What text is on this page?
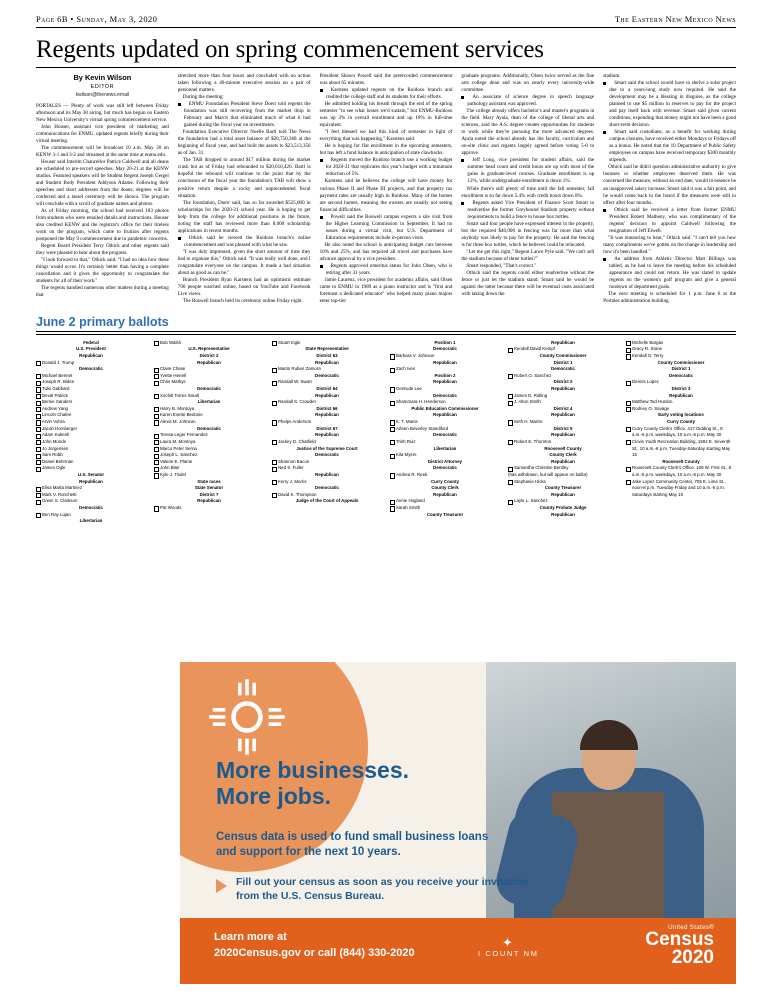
Page 6B • Sunday, May 3, 2020	The Eastern New Mexico News
Regents updated on spring commencement services
By Kevin Wilson
EDITOR
kwilson@thenews.email

PORTALES — Plenty of work was still left between Friday afternoon and its May 30 airing, but much has begun on Eastern New Mexico University's virtual spring commencement service.

John Houser, assistant vice president of marketing and communications for ENMU, updated regents briefly during their virtual meeting.

The commencement will be broadcast 10 a.m. May 30 on KENW 3-1 and 3-2 and streamed at the same time at enmu.edu.

Houser said Interim Chancellor Patrice Caldwell and all deans are scheduled to pre-record speeches. May 20-21 at the KENW studios. Featured speakers will be Student Regent Joseph Gergel and Student Body President Addyson Adame. Following their speeches and short addresses from the deans, degrees will be conferred and a tassel ceremony will be shown. The program will conclude with a scroll of graduate names and photos.

As of Friday morning, the school had received 183 photos from students who were emailed details and instructions. Houser also credited KENW and the registrar's office for their tireless work on the program, which came to fruition after regents postponed the May 9 commencement due to pandemic concerns.

Regent Board President Terry Othick and other regents said they were pleased to hear about the progress.

"I look forward to that," Othick said. "I had no idea how these things would occur. It's certainly better than having a complete cancellation and it gives the opportunity to congratulate the students for all of their work."

The regents handled numerous other matters during a meeting that

stretched more than four hours and concluded with no action taken following a 40-minute executive session on a pair of personnel matters.

During the meeting:

ENMU Foundation President Steve Doerr told regents the foundation was still recovering from the market drop in February and March that eliminated much of what it had gained during the fiscal year on investments.

Foundation Executive Director Noelle Bartl told The News the foundation had a total asset balance of $20,750,368 at the beginning of fiscal year, and had built the assets to $23,513,356 as of Jan. 31.

The TAB dropped to around $17 million during the market crash but as of Friday had rebounded to $20,610,426. Bartl is hopeful the rebound will continue to the point that by the conclusion of the fiscal year the foundation's TAB will show a positive return despite a rocky and unprecedented fiscal situation.

The foundation, Doerr said, has so far awarded $525,000 in scholarships for the 2020-21 school year. He is hoping to get help from the college for additional positions in the future, noting the staff has reviewed more than 8,000 scholarship applications in recent months.

Othick said he viewed the Ruidoso branch's online commencement and was pleased with what he saw.

"I was duly impressed, given the short amount of time they had to organize this," Othick said. "It was really well done, and I congratulate everyone on the campus. It made a bad situation about as good as can be."

Branch President Ryan Karstens had an optimistic estimate 700 people watched online, based on YouTube and Facebook Live views.

The Roswell branch held its ceremony online Friday night.

President Shawn Powell said the prerecorded commencement was about 65 minutes.

Karstens updated regents on the Ruidoso branch and credited the college staff and its students for their efforts.

He admitted holding his breath through the end of the spring semester "to see what losses we'd sustain," but ENMU-Ruidoso was up 3% in overall enrollment and up 18% in full-time equivalent.

"I feel blessed we had this kind of semester in light of everything that was happening," Karstens said.

He is hoping for flat enrollment in the upcoming semesters, but has left a fund balance in anticipation of state clawbacks.

Regents moved the Ruidoso branch use a working budget for 2020-21 that replicates this year's budget with a minimum reduction of 5%.

Karstens said he believes the college will have money for various Phase II and Phase III projects, and that property tax payment rates are usually high in Ruidoso. Many of the homes are second homes, meaning the owners are usually not seeing financial difficulties.

Powell said the Roswell campus expects a site visit from the Higher Learning Commission in September. It had no issues during a virtual visit, but U.S. Department of Education requirements include in-person visits.

He also noted the school is anticipating budget cuts between 10% and 25%, and has required all travel and purchases have advance approval by a vice president.

Regents approved emeritus status for John Olsen, who is retiring after 31 years.

Jamie Laurenz, vice president for academic affairs, said Olsen came to ENMU in 1989 as a piano instructor and is "first and foremost a dedicated educator" who helped many piano majors enter top-tier

graduate programs. Additionally, Olsen twice served as the fine arts college dean and was on nearly every university-wide committee.

An associate of science degree in speech language pathology assistant was approved.

The college already offers bachelor's and master's programs in the field. Mary Ayala, dean of the college of liberal arts and sciences, said the A.S. degree creates opportunities for students to work while they're pursuing the more advanced degrees. Ayala noted the school already has the faculty, curriculum and on-site clinic and regents largely agreed before voting 5-0 to approve.

Jeff Long, vice president for student affairs, said the summer head count and credit hours are up with most of the gains in graduate-level courses. Graduate enrollment is up 12%, while undergraduate enrollment is down 1%.

While there's still plenty of time until the fall semester, fall enrollment is so far down 5.4% with credit hours down 8%.

Regents asked Vice President of Finance Scott Smart to readvertise the former Greyhound Stadium property without requirements to build a fence to house box turtles.

Smart said four people have expressed interest in the property, but the required $40,000 in fencing was far more than what anybody was likely to pay for the property. He said the fencing is for three box turtles, which he believes could be relocated.

"Let me get this right," Regent Lance Pyle said. "We can't sell the stadium because of three turtles?"

Smart responded, "That's correct."

Othick said the regents could either readvertise without the fence or just let the stadium stand. Smart said he would be against the latter because there will be eventual costs associated with taking down the

stadium.

Smart said the school would have to shelve a solar project due to a years-long study now required. He said the development may be a blessing in disguise, as the college planned to use $5 million in reserves to pay for the project and pay itself back with revenue. Smart said given current conditions, expending that money might not have been a good short-term decision.

Smart said custodians, as a benefit for working during campus closures, have received either Mondays or Fridays off as a bonus. He noted that the 10 Department of Public Safety employees on campus have received temporary $300 monthly stipends.

Othick said he didn't question administrative authority to give bonuses or whether employees deserved them. He was concerned the measure, without an end date, would in essence be an unapproved salary increase. Smart said it was a fair point, and he would come back to the board if the measures were still in effect after four months.

Othick said he received a letter from former ENMU President Robert Matheny, who was complimentary of the regents' decision to appoint Caldwell following the resignation of Jeff Elwell.

"It was reassuring to hear," Othick said. "I can't tell you how many compliments we've gotten on the change in leadership and how it's been handled."

An address from Athletic Director Matt Billings was tabled, as he had to leave the meeting before his scheduled appearance and could not return. He was slated to update regents on the women's golf program and give a general rundown of department goals.

The next meeting is scheduled for 1 p.m. June 6 at the Portales administration building.

June 2 primary ballots
Federal
U.S. President
Republican
Donald J. Trump
Democratic
Michael Bennet
Joseph R. Biden
Tulsi Gabbard
Deval Patrick
Bernie Sanders
Andrew Yang
Lincoln Chafee
Arvin Vohra
Jacob Hornberger
Adam Kokesh
John Monds
Jo Jorgensen
Sam Robb
Daniel Behrman
James Ogle
U.S. Senator
Republican
Elisa Marta Martinez
Mark V. Ronchetti
Gavin S. Clarkson
Democratic
Ben Ray Lujan
Libertarian
Bob Walsh
U.S. Representative
District 2
Republican
Claire Chase
Yvette Herrell
Chris Mathys
Democratic
Xochitl Torres Small
Libertarian
Harry B. Montoya
Karen Evette Bedonie
Alexis M. Johnson
Democratic
Teresa Leger Fernandez
Laura M. Montoya
Marco Peter Serna
Joseph L. Sanchez
Valerie E. Plame
John Blair
Kyle J. Tisdel
State races
State Senator
District 7
Republican
Pat Woods
Stuart Ingle
State Representative
District 63
Republican
Martin Ruben Zamora
Democratic
Randall W. Swart
District 64
Republican
Randall S. Crowder
District 66
Republican
Phelps Anderson
District 67
Republican
Jackey D. Chatfield
Justice of the Supreme Court
Democratic
Shannon Bacon
Ned S. Fuller
Republican
Kerry J. Morris
Democratic
David K. Thompson
Judge of the Court of Appeals
Position 1
Democratic
Barbara V. Johnson
Republican
Zach Ives
Position 2
Republican
Gertrude Lee
Democratic
Shammara H. Henderson
Public Education Commissioner
Republican
K. T. Manis
Arleen Beverley Standiford
Democratic
Trish Ruiz
Libertarian
Kila Myers
District Attorney
Democratic
Andrea R. Reeb
Curry County
County Clerk
Republican
Annie Hogland
Sarah Smith
County Treasurer
Republican
Kendall David Kempf
County Commissioner
District 1
Democratic
Robert O. Sanchez
District 2
Republican
James D. Ridling
J. Alton Smith
District 4
Republican
Seth H. Martin
District 5
Republican
Robert E. Thornton
Roosevelt County
County Clerk
Republican
Samantha Christine Bentley
(has withdrawn, but will appear on ballot)
Stephanie Hicks
County Treasurer
Republican
Layle L. Sanchez
County Probate Judge
Republican
Michelle Bargas
Gracy R. Stone
Kendall G. Terry
County Commissioner
District 1
Democratic
Dennis Lopez
District 3
Republican
Matthew Tod Hurdon
Rodney O. Savage
Early voting locations
Curry County
Curry County Clerk's Office, 417 Gidding St., 8 a.m.-6 p.m. weekdays, 10 a.m.-6 p.m. May 30
Clovis Youth Recreation Building, 1504 E. Seventh St., 10 a.m.-6 p.m. Tuesday-Saturday starting May 16
Roosevelt County
Roosevelt County Clerk's Office, 109 W. First St., 8 a.m.-5 p.m. weekdays, 10 a.m.-6 p.m. May 30
Jake Lopez Community Center, 705 E. Lime St., noon-8 p.m. Tuesday-Friday and 10 a.m.-6 p.m. Saturdays starting May 16
More businesses.
More jobs.
Census data is used to fund small business loans and support for the next 10 years.
Fill out your census as soon as you receive your invitation from the U.S. Census Bureau.
Learn more at
2020Census.gov or call (844) 330-2020
✦
I COUNT NM
United States®
Census
2020
